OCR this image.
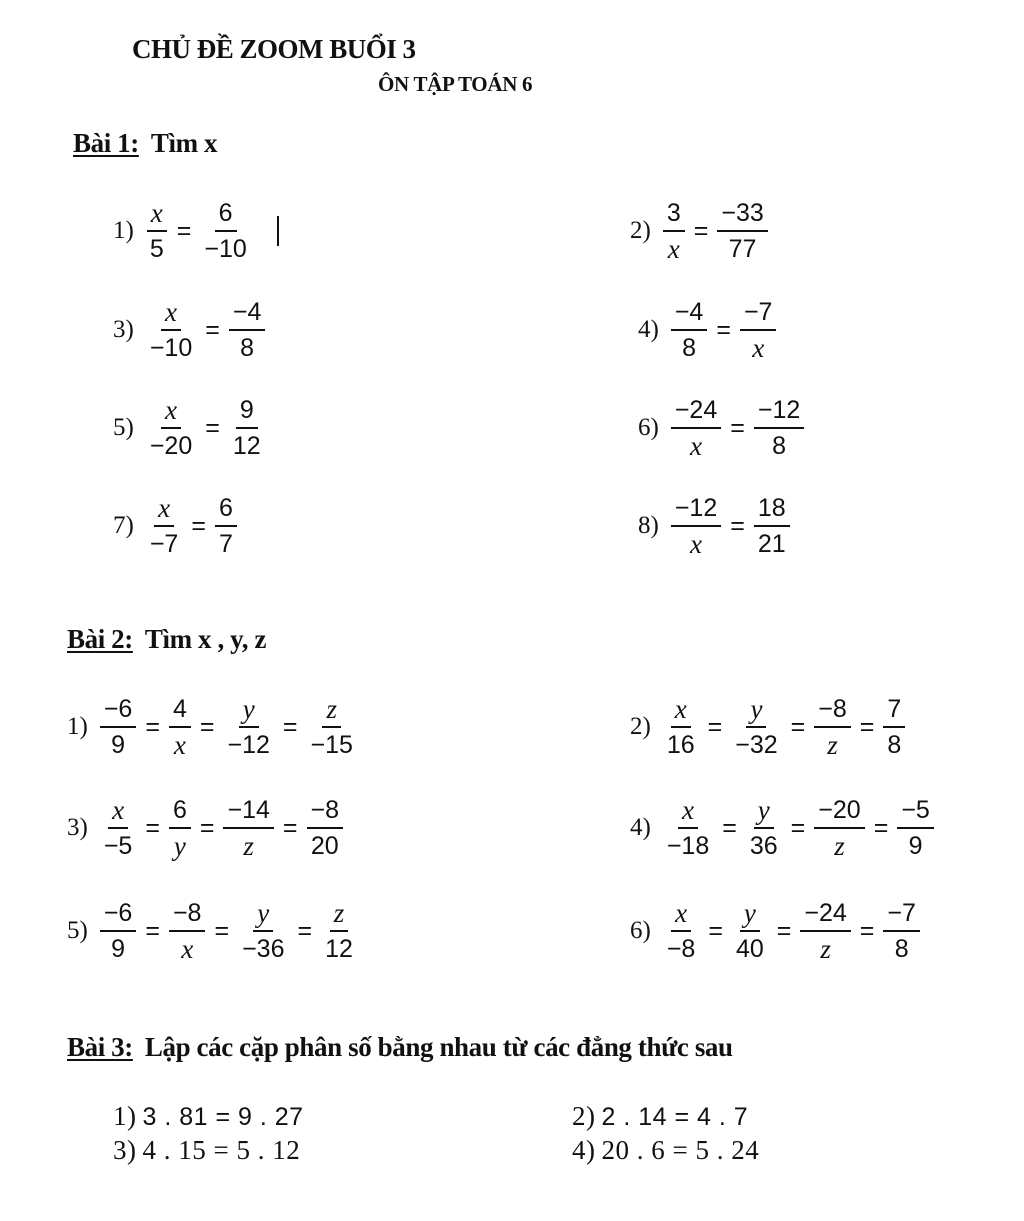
CHỦ ĐỀ ZOOM BUỔI 3
ÔN TẬP TOÁN 6
Bài 1: Tìm x
$1) \frac{x}{5} = \frac{6}{-10}$	$2) \frac{3}{x} = \frac{-33}{77}$
$3) \frac{x}{-10} = \frac{-4}{8}$	$4) \frac{-4}{8} = \frac{-7}{x}$
$5) \frac{x}{-20} = \frac{9}{12}$	$6) \frac{-24}{x} = \frac{-12}{8}$
$7) \frac{x}{-7} = \frac{6}{7}$	$8) \frac{-12}{x} = \frac{18}{21}$
Bài 2: Tìm x , y, z
$1) \frac{-6}{9} = \frac{4}{x} = \frac{y}{-12} = \frac{z}{-15}$	$2) \frac{x}{16} = \frac{y}{-32} = \frac{-8}{z} = \frac{7}{8}$
$3) \frac{x}{-5} = \frac{6}{y} = \frac{-14}{z} = \frac{-8}{20}$	$4) \frac{x}{-18} = \frac{y}{36} = \frac{-20}{z} = \frac{-5}{9}$
$5) \frac{-6}{9} = \frac{-8}{x} = \frac{y}{-36} = \frac{z}{12}$	$6) \frac{x}{-8} = \frac{y}{40} = \frac{-24}{z} = \frac{-7}{8}$
Bài 3: Lập các cặp phân số bằng nhau từ các đẳng thức sau
1) 3 . 81 = 9 . 27	2) 2 . 14 = 4 . 7
3) 4 . 15 = 5 . 12	4) 20 . 6 = 5 . 24
